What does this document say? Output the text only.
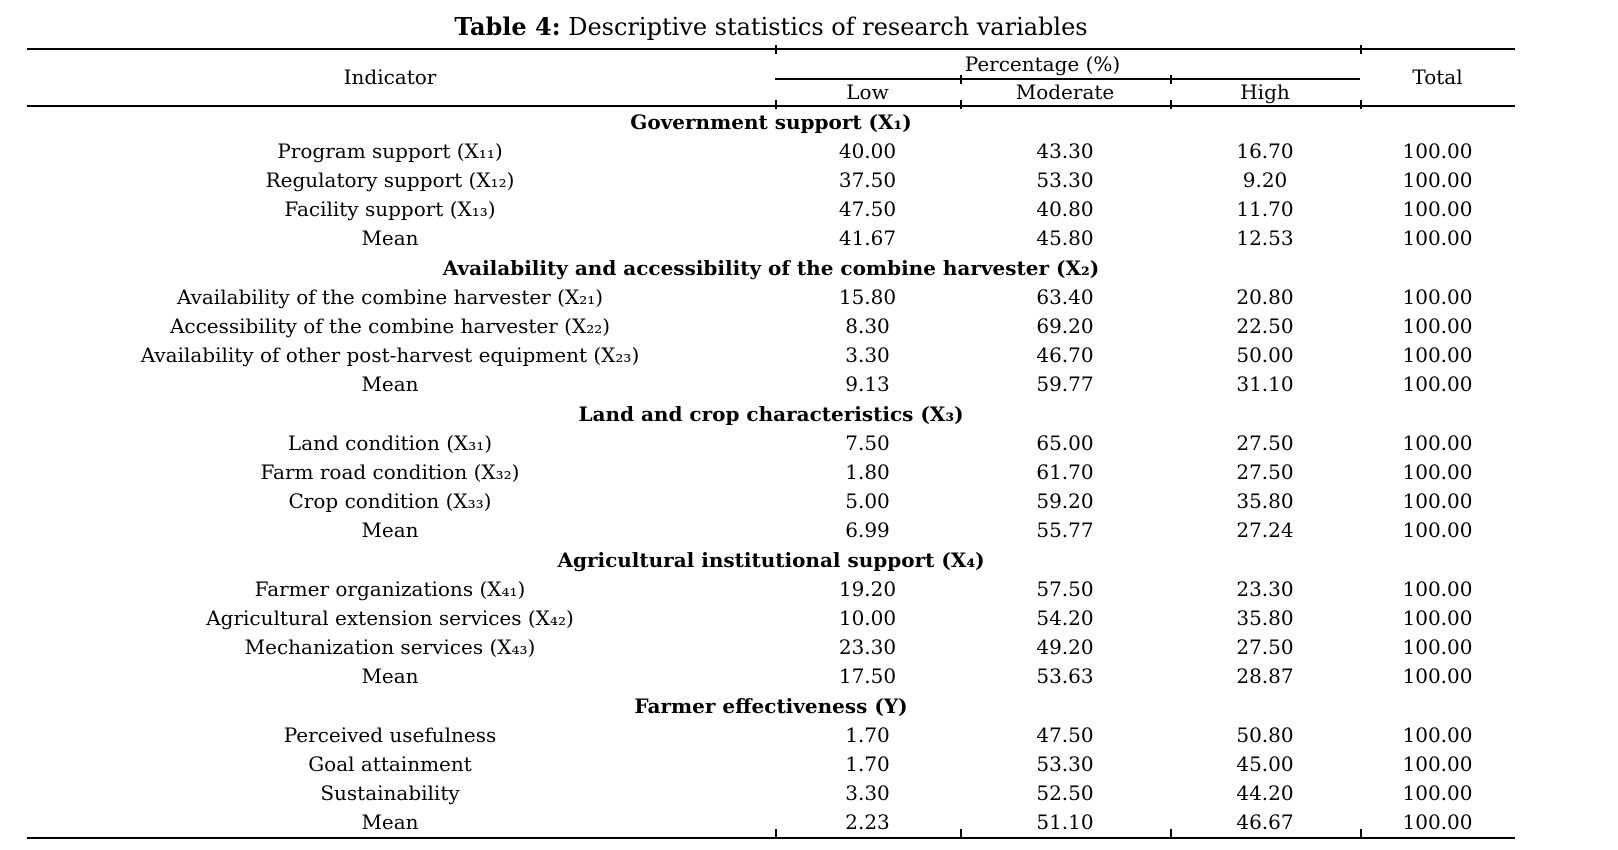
Table 4: Descriptive statistics of research variables
Indicator	Percentage (%)			Total
	Low	Moderate	High	
Government support (X₁)				
Program support (X₁₁)	40.00	43.30	16.70	100.00
Regulatory support (X₁₂)	37.50	53.30	9.20	100.00
Facility support (X₁₃)	47.50	40.80	11.70	100.00
Mean	41.67	45.80	12.53	100.00
Availability and accessibility of the combine harvester (X₂)				
Availability of the combine harvester (X₂₁)	15.80	63.40	20.80	100.00
Accessibility of the combine harvester (X₂₂)	8.30	69.20	22.50	100.00
Availability of other post-harvest equipment (X₂₃)	3.30	46.70	50.00	100.00
Mean	9.13	59.77	31.10	100.00
Land and crop characteristics (X₃)				
Land condition (X₃₁)	7.50	65.00	27.50	100.00
Farm road condition (X₃₂)	1.80	61.70	27.50	100.00
Crop condition (X₃₃)	5.00	59.20	35.80	100.00
Mean	6.99	55.77	27.24	100.00
Agricultural institutional support (X₄)				
Farmer organizations (X₄₁)	19.20	57.50	23.30	100.00
Agricultural extension services (X₄₂)	10.00	54.20	35.80	100.00
Mechanization services (X₄₃)	23.30	49.20	27.50	100.00
Mean	17.50	53.63	28.87	100.00
Farmer effectiveness (Y)				
Perceived usefulness	1.70	47.50	50.80	100.00
Goal attainment	1.70	53.30	45.00	100.00
Sustainability	3.30	52.50	44.20	100.00
Mean	2.23	51.10	46.67	100.00
